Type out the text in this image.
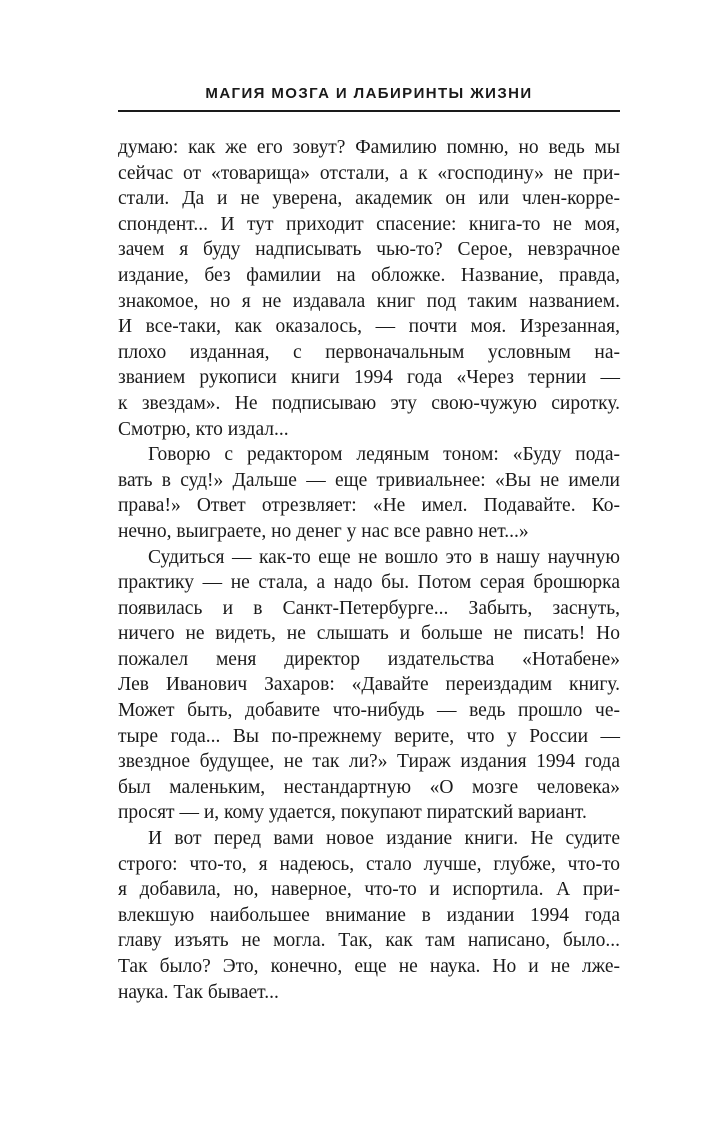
МАГИЯ МОЗГА И ЛАБИРИНТЫ ЖИЗНИ
думаю: как же его зовут? Фамилию помню, но ведь мы
сейчас от «товарища» отстали, а к «господину» не при-
стали. Да и не уверена, академик он или член-корре-
спондент... И тут приходит спасение: книга-то не моя,
зачем я буду надписывать чью-то? Серое, невзрачное
издание, без фамилии на обложке. Название, правда,
знакомое, но я не издавала книг под таким названием.
И все-таки, как оказалось, — почти моя. Изрезанная,
плохо изданная, с первоначальным условным на-
званием рукописи книги 1994 года «Через тернии —
к звездам». Не подписываю эту свою-чужую сиротку.
Смотрю, кто издал...
Говорю с редактором ледяным тоном: «Буду пода-
вать в суд!» Дальше — еще тривиальнее: «Вы не имели
права!» Ответ отрезвляет: «Не имел. Подавайте. Ко-
нечно, выиграете, но денег у нас все равно нет...»
Судиться — как-то еще не вошло это в нашу научную
практику — не стала, а надо бы. Потом серая брошюрка
появилась и в Санкт-Петербурге... Забыть, заснуть,
ничего не видеть, не слышать и больше не писать! Но
пожалел меня директор издательства «Нотабене»
Лев Иванович Захаров: «Давайте переиздадим книгу.
Может быть, добавите что-нибудь — ведь прошло че-
тыре года... Вы по-прежнему верите, что у России —
звездное будущее, не так ли?» Тираж издания 1994 года
был маленьким, нестандартную «О мозге человека»
просят — и, кому удается, покупают пиратский вариант.
И вот перед вами новое издание книги. Не судите
строго: что-то, я надеюсь, стало лучше, глубже, что-то
я добавила, но, наверное, что-то и испортила. А при-
влекшую наибольшее внимание в издании 1994 года
главу изъять не могла. Так, как там написано, было...
Так было? Это, конечно, еще не наука. Но и не лже-
наука. Так бывает...
